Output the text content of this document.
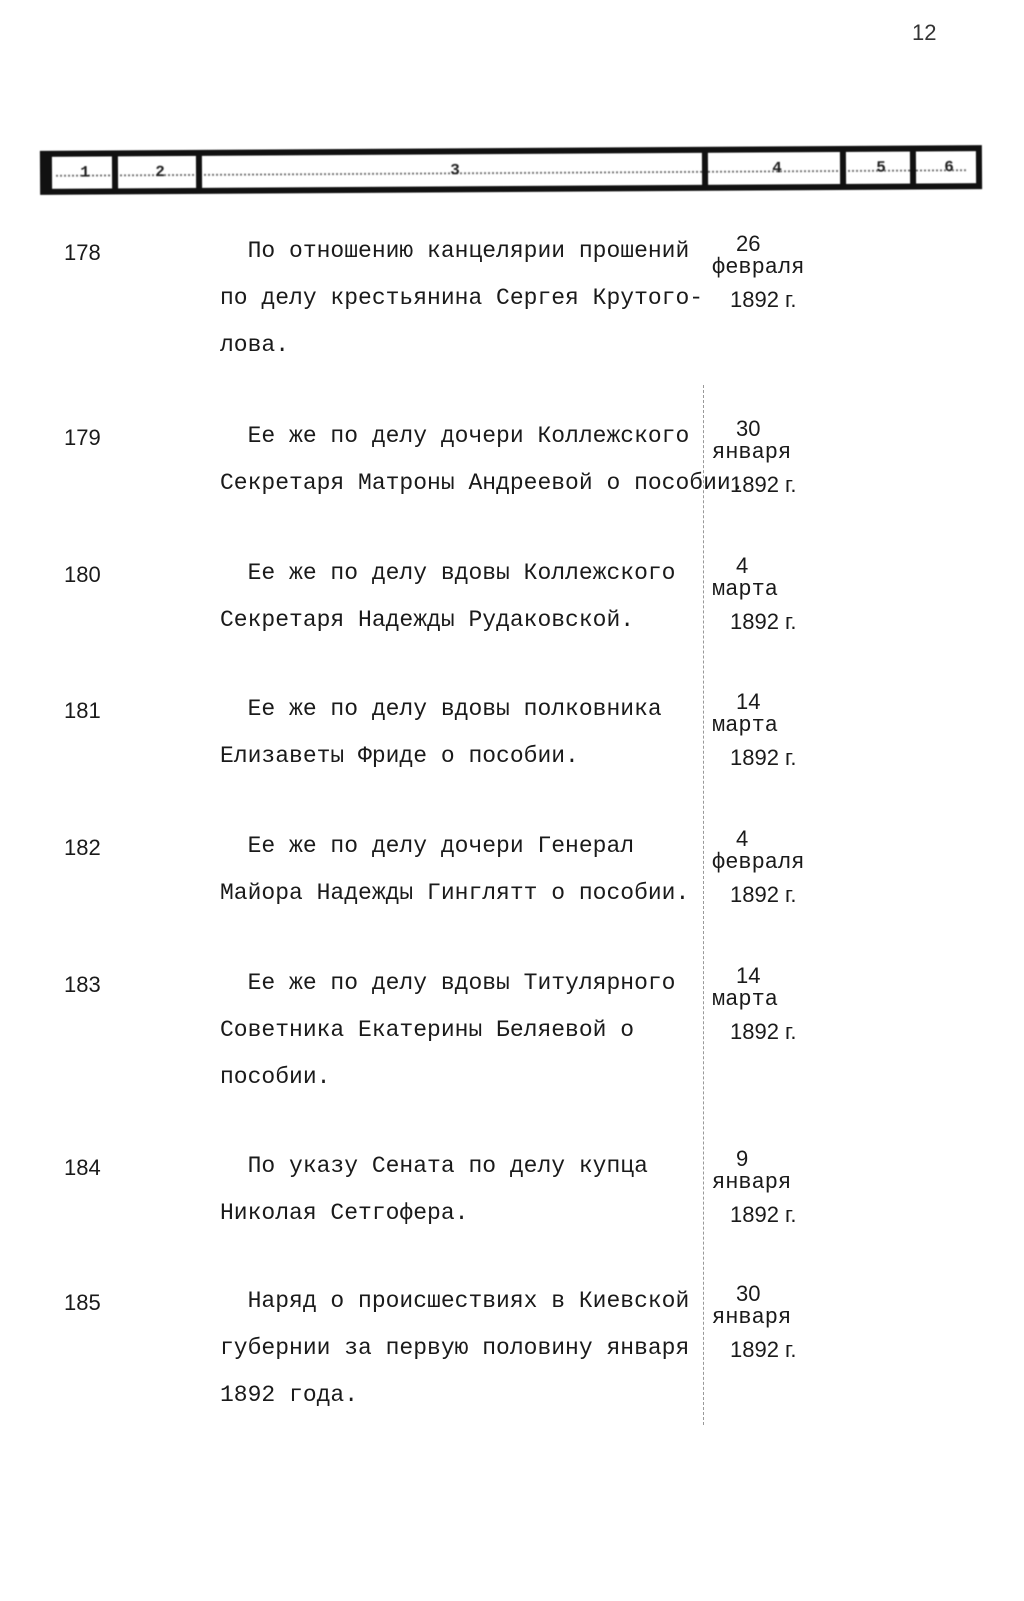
12
1	2	3	4	5	6
178	По отношению канцелярии прошений
по делу крестьянина Сергея Крутого-
лова.
26
февраля
1892 г.
179	Ее же по делу дочери Коллежского
Секретаря Матроны Андреевой о пособии.
30
января
1892 г.
180	Ее же по делу вдовы Коллежского
Секретаря Надежды Рудаковской.
4
марта
1892 г.
181	Ее же по делу вдовы полковника
Елизаветы Фриде о пособии.
14
марта
1892 г.
182	Ее же по делу дочери Генерал
Майора Надежды Гинглятт о пособии.
4
февраля
1892 г.
183	Ее же по делу вдовы Титулярного
Советника Екатерины Беляевой о
пособии.
14
марта
1892 г.
184	По указу Сената по делу купца
Николая Сетгофера.
9
января
1892 г.
185	Наряд о происшествиях в Киевской
губернии за первую половину января
1892 года.
30
января
1892 г.
